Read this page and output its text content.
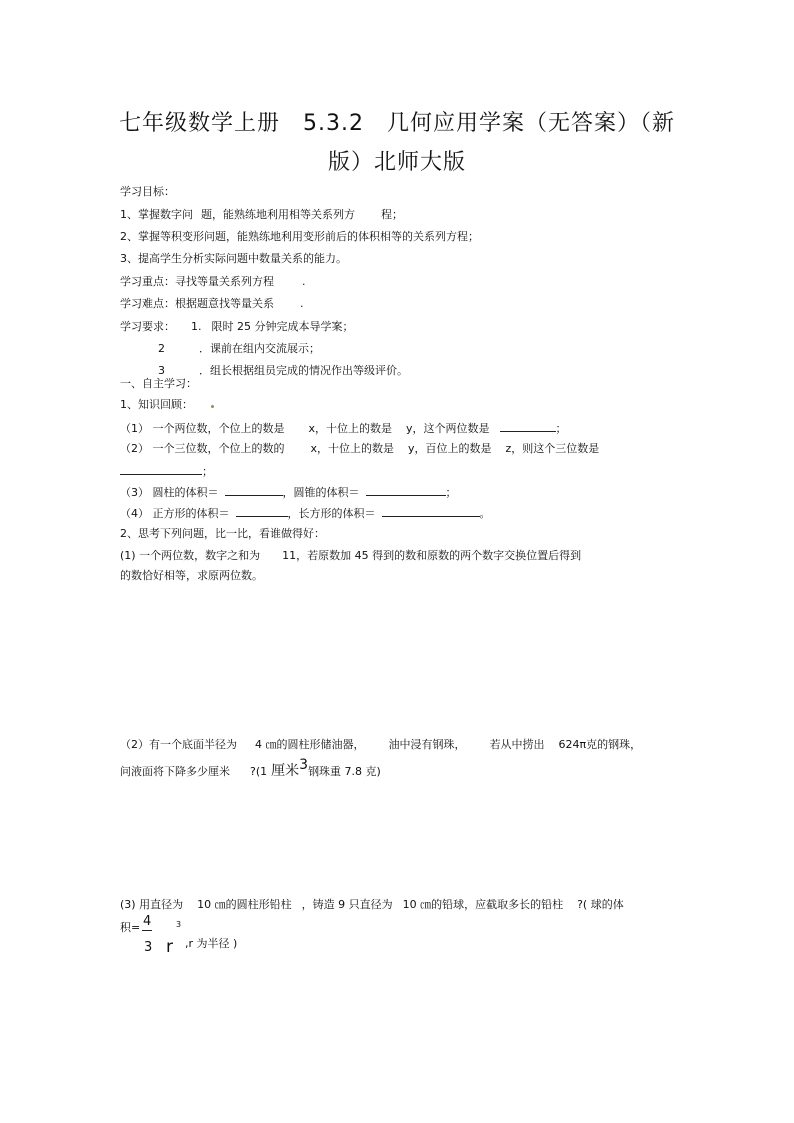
七年级数学上册　5.3.2　几何应用学案（无答案）（新
版）北师大版
学习目标：
1、掌握数字问 题，能熟练地利用相等关系列方 程；
2、掌握等积变形问题，能熟练地利用变形前后的体积相等的关系列方程；
3、提高学生分析实际问题中数量关系的能力。
学习重点：寻找等量关系列方程	.
学习难点：根据题意找等量关系 .
学习要求： 1. 限时 25 分钟完成本导学案；
2	．课前在组内交流展示；
3	．组长根据组员完成的情况作出等级评价。
一、自主学习：
1、知识回顾：
（1） 一个两位数，个位上的数是 x，十位上的数是 y，这个两位数是	；
（2） 一个三位数，个位上的数的 x，十位上的数是 y，百位上的数是 z，则这个三位数是
；
（3） 圆柱的体积＝	，圆锥的体积＝	；
（4） 正方形的体积＝	，长方形的体积＝	。
2、思考下列问题，比一比，看谁做得好：
(1) 一个两位数，数字之和为 11，若原数加 45 得到的数和原数的两个数字交换位置后得到
的数恰好相等，求原两位数。
（2）有一个底面半径为 4 ㎝的圆柱形储油器， 油中浸有钢珠， 若从中捞出 624π克的钢珠，
问液面将下降多少厘米 ?(1 厘米3钢珠重 7.8 克)
(3) 用直径为 10 ㎝的圆柱形铅柱 ，铸造 9 只直径为 10 ㎝的铅球，应截取多长的铅柱 ?( 球的体
积= 4
3
3
r ,r 为半径 )
